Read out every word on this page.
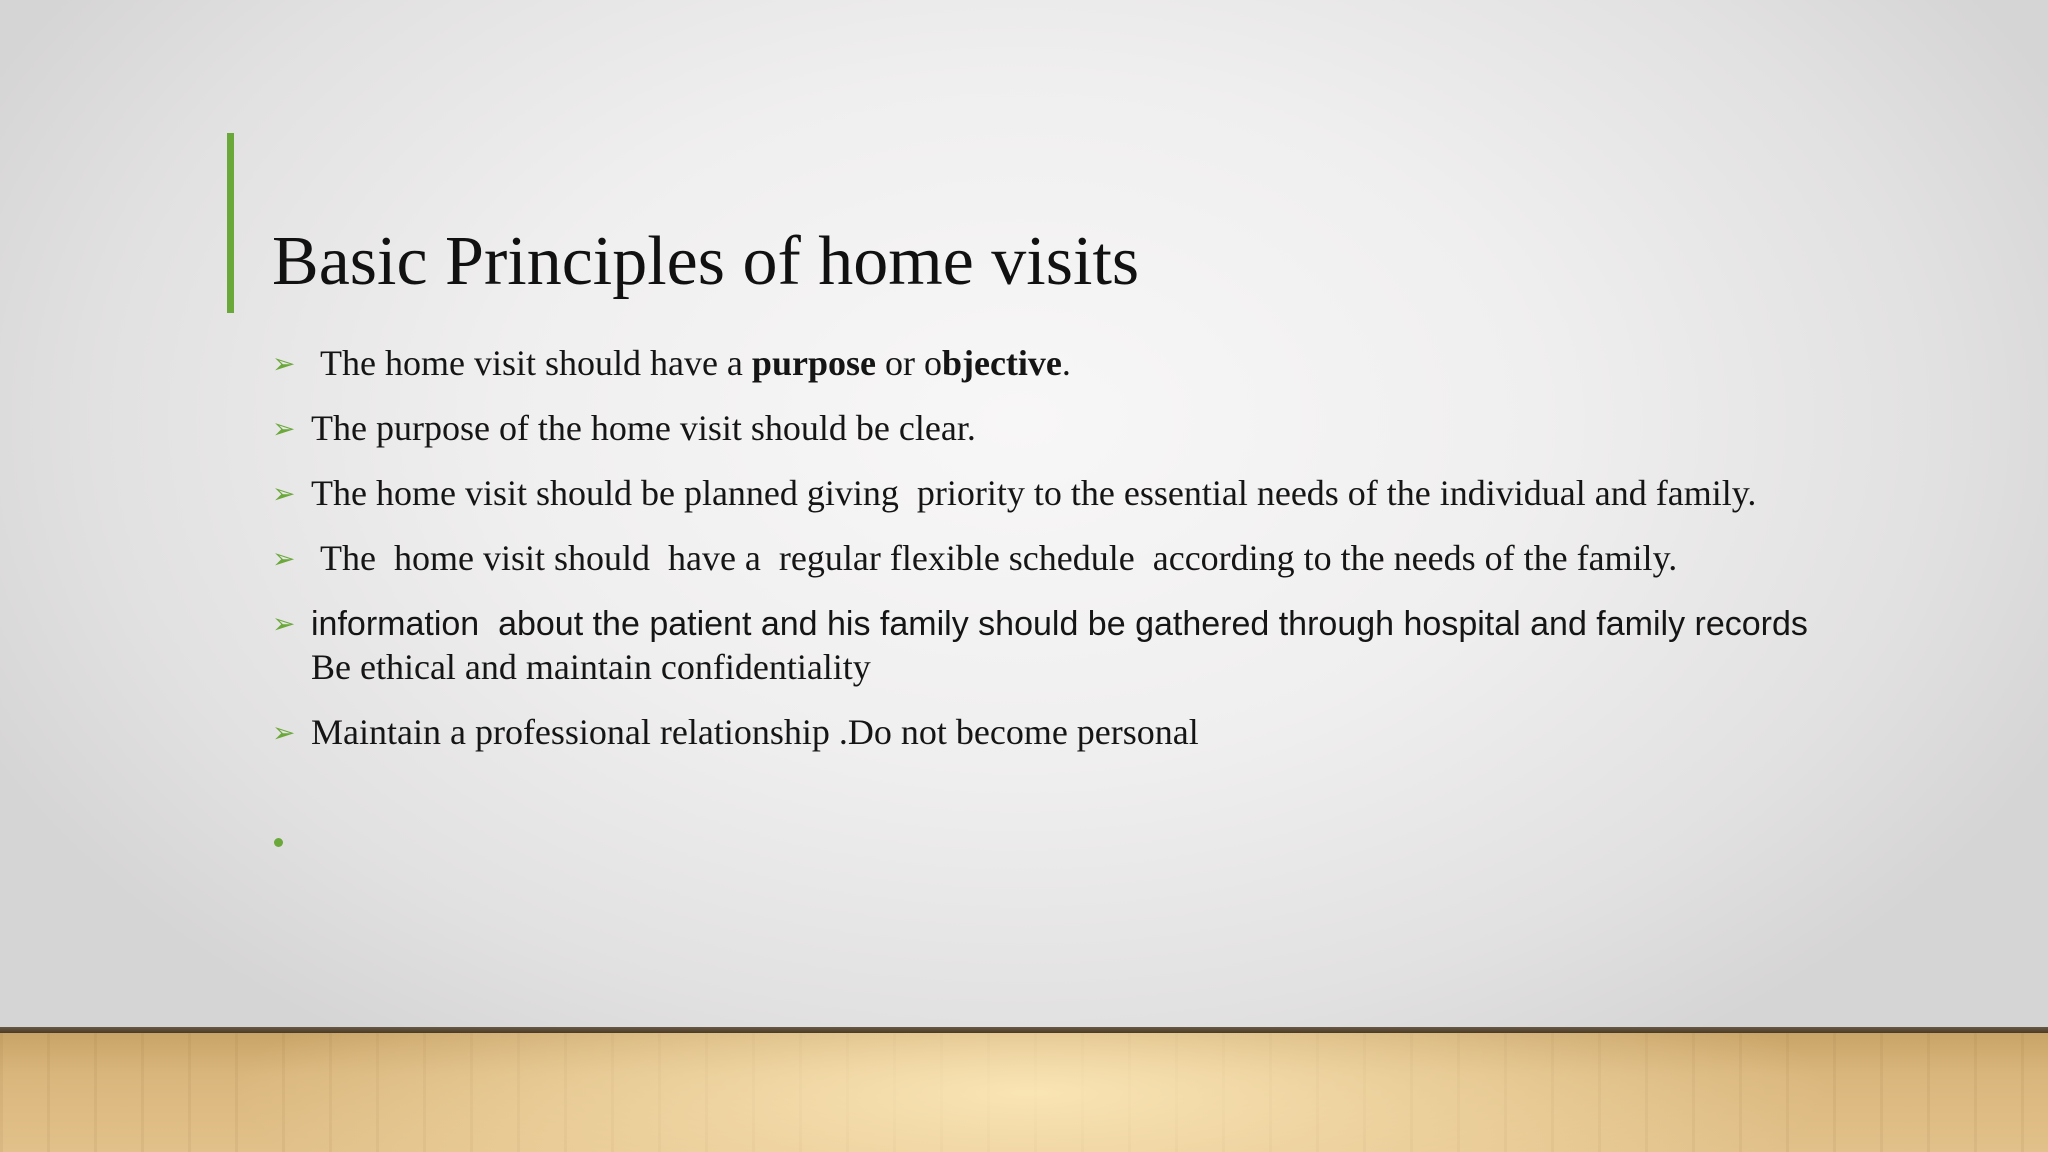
Basic Principles of home visits
➢ The home visit should have a purpose or objective.
➢ The purpose of the home visit should be clear.
➢ The home visit should be planned giving  priority to the essential needs of the individual and family.
➢ The  home visit should  have a  regular flexible schedule  according to the needs of the family.
➢ information  about the patient and his family should be gathered through hospital and family records   Be ethical and maintain confidentiality
➢ Maintain a professional relationship .Do not become personal
